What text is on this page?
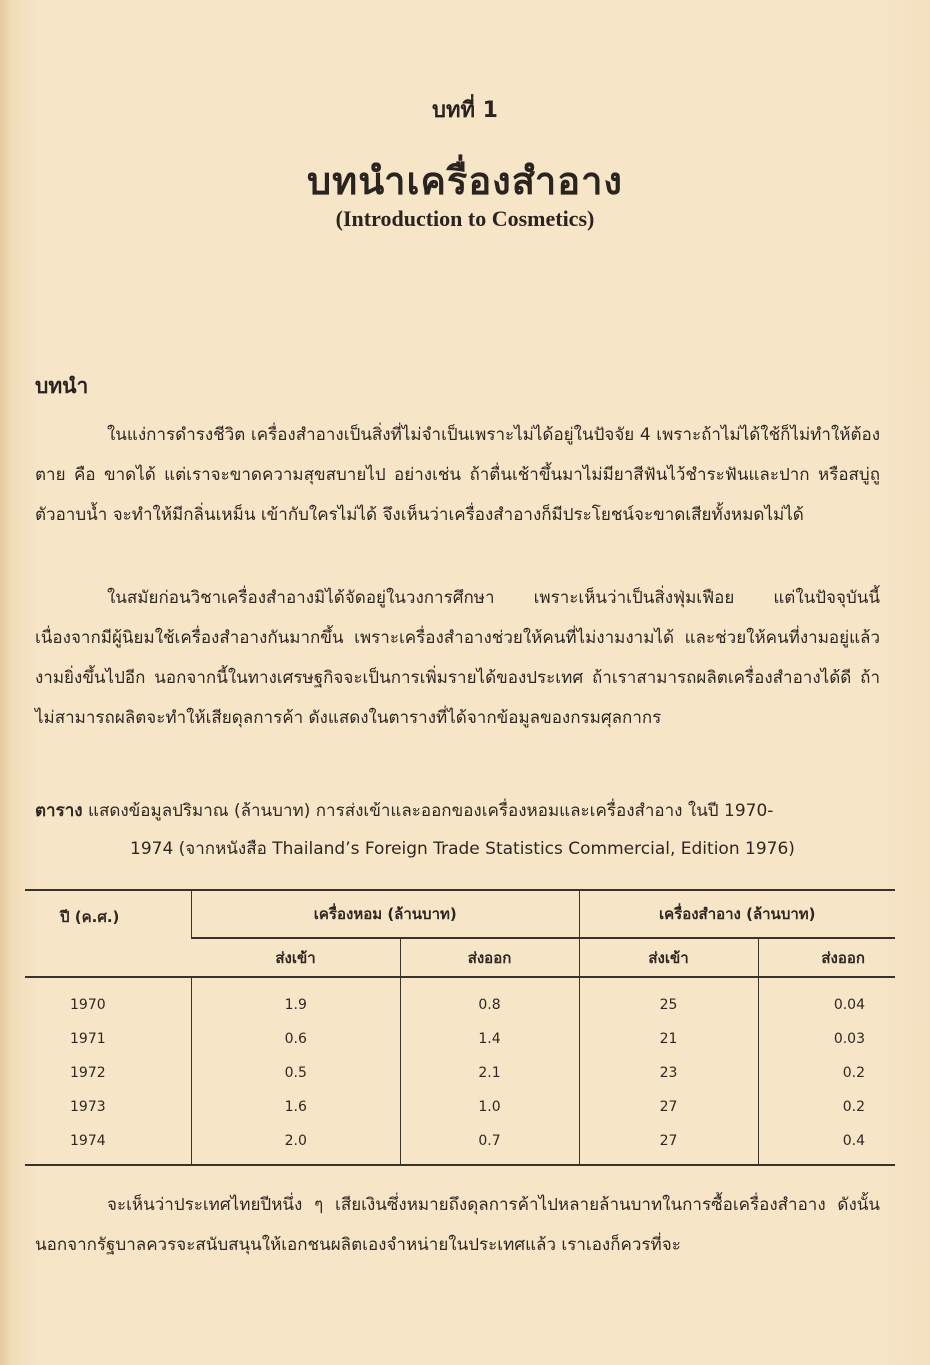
บทที่ 1
บทนำเครื่องสำอาง
(Introduction to Cosmetics)
บทนำ

ในแง่การดำรงชีวิต เครื่องสำอางเป็นสิ่งที่ไม่จำเป็นเพราะไม่ได้อยู่ในปัจจัย 4 เพราะถ้าไม่ได้ใช้ก็ไม่ทำให้ต้องตาย คือ ขาดได้ แต่เราจะขาดความสุขสบายไป อย่างเช่น ถ้าตื่นเช้าขึ้นมาไม่มียาสีฟันไว้ชำระฟันและปาก หรือสบู่ถูตัวอาบน้ำ จะทำให้มีกลิ่นเหม็น เข้ากับใครไม่ได้ จึงเห็นว่าเครื่องสำอางก็มีประโยชน์จะขาดเสียทั้งหมดไม่ได้

ในสมัยก่อนวิชาเครื่องสำอางมิได้จัดอยู่ในวงการศึกษา เพราะเห็นว่าเป็นสิ่งฟุ่มเฟือย แต่ในปัจจุบันนี้ เนื่องจากมีผู้นิยมใช้เครื่องสำอางกันมากขึ้น เพราะเครื่องสำอางช่วยให้คนที่ไม่งามงามได้ และช่วยให้คนที่งามอยู่แล้วงามยิ่งขึ้นไปอีก นอกจากนี้ในทางเศรษฐกิจจะเป็นการเพิ่มรายได้ของประเทศ ถ้าเราสามารถผลิตเครื่องสำอางได้ดี ถ้าไม่สามารถผลิตจะทำให้เสียดุลการค้า ดังแสดงในตารางที่ได้จากข้อมูลของกรมศุลกากร

ตาราง แสดงข้อมูลปริมาณ (ล้านบาท) การส่งเข้าและออกของเครื่องหอมและเครื่องสำอาง ในปี 1970-
1974 (จากหนังสือ Thailand’s Foreign Trade Statistics Commercial, Edition 1976)

ปี (ค.ศ.)	เครื่องหอม (ล้านบาท)		เครื่องสำอาง (ล้านบาท)	
	ส่งเข้า	ส่งออก	ส่งเข้า	ส่งออก
1970	1.9	0.8	25	0.04
1971	0.6	1.4	21	0.03
1972	0.5	2.1	23	0.2
1973	1.6	1.0	27	0.2
1974	2.0	0.7	27	0.4

จะเห็นว่าประเทศไทยปีหนึ่ง ๆ เสียเงินซึ่งหมายถึงดุลการค้าไปหลายล้านบาทในการซื้อเครื่องสำอาง ดังนั้นนอกจากรัฐบาลควรจะสนับสนุนให้เอกชนผลิตเองจำหน่ายในประเทศแล้ว เราเองก็ควรที่จะ
